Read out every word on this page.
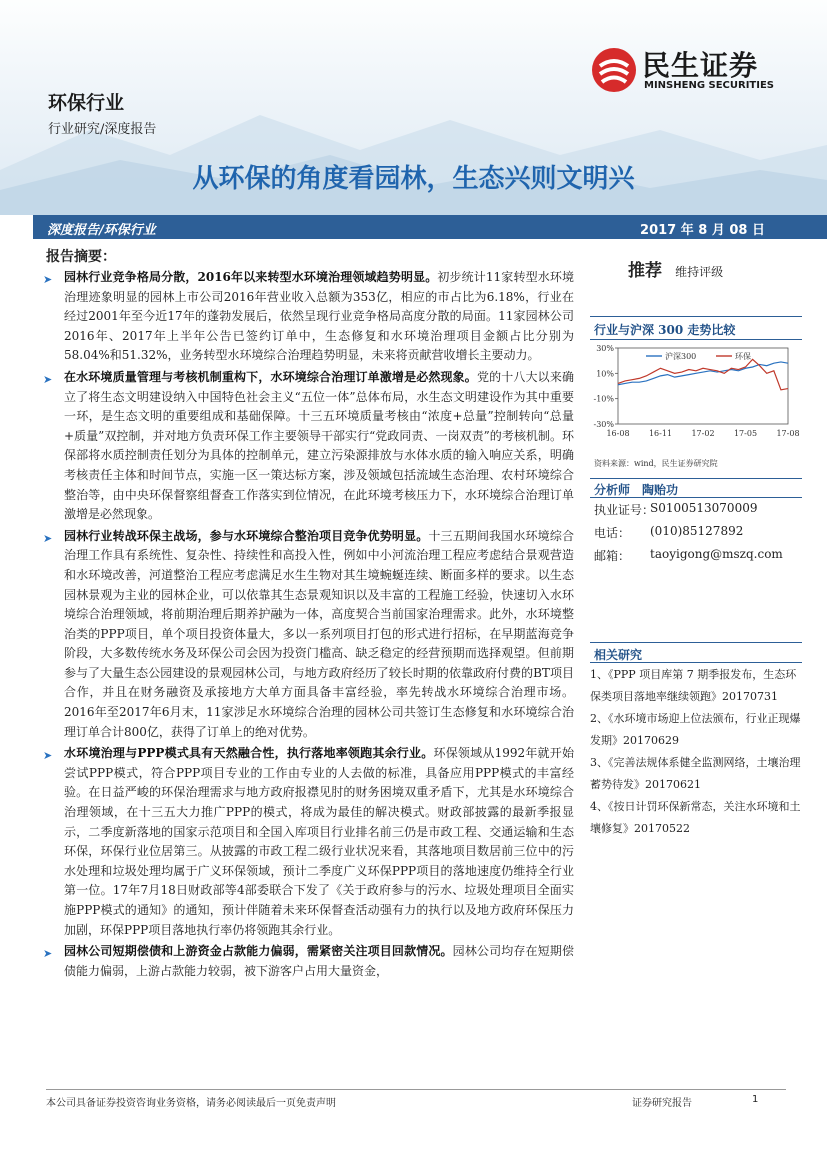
环保行业
行业研究/深度报告
民生证券
MINSHENG SECURITIES
从环保的角度看园林，生态兴则文明兴
深度报告/环保行业	2017 年 8 月 08 日
报告摘要：
➤ 园林行业竞争格局分散，2016年以来转型水环境治理领域趋势明显。初步统计11家转型水环境治理迹象明显的园林上市公司2016年营业收入总额为353亿，相应的市占比为6.18%，行业在经过2001年至今近17年的蓬勃发展后，依然呈现行业竞争格局高度分散的局面。11家园林公司2016年、2017年上半年公告已签约订单中，生态修复和水环境治理项目金额占比分别为58.04%和51.32%，业务转型水环境综合治理趋势明显，未来将贡献营收增长主要动力。
➤ 在水环境质量管理与考核机制重构下，水环境综合治理订单激增是必然现象。党的十八大以来确立了将生态文明建设纳入中国特色社会主义“五位一体”总体布局，水生态文明建设作为其中重要一环，是生态文明的重要组成和基础保障。十三五环境质量考核由“浓度+总量”控制转向“总量+质量”双控制，并对地方负责环保工作主要领导干部实行“党政同责、一岗双责”的考核机制。环保部将水质控制责任划分为具体的控制单元，建立污染源排放与水体水质的输入响应关系，明确考核责任主体和时间节点，实施一区一策达标方案，涉及领域包括流域生态治理、农村环境综合整治等，由中央环保督察组督查工作落实到位情况，在此环境考核压力下，水环境综合治理订单激增是必然现象。
➤ 园林行业转战环保主战场，参与水环境综合整治项目竞争优势明显。十三五期间我国水环境综合治理工作具有系统性、复杂性、持续性和高投入性，例如中小河流治理工程应考虑结合景观营造和水环境改善，河道整治工程应考虑满足水生生物对其生境蜿蜒连续、断面多样的要求。以生态园林景观为主业的园林企业，可以依靠其生态景观知识以及丰富的工程施工经验，快速切入水环境综合治理领域，将前期治理后期养护融为一体，高度契合当前国家治理需求。此外，水环境整治类的PPP项目，单个项目投资体量大，多以一系列项目打包的形式进行招标，在早期蓝海竞争阶段，大多数传统水务及环保公司会因为投资门槛高、缺乏稳定的经营预期而选择观望。但前期参与了大量生态公园建设的景观园林公司，与地方政府经历了较长时期的依靠政府付费的BT项目合作，并且在财务融资及承接地方大单方面具备丰富经验，率先转战水环境综合治理市场。2016年至2017年6月末，11家涉足水环境综合治理的园林公司共签订生态修复和水环境综合治理订单合计800亿，获得了订单上的绝对优势。
➤ 水环境治理与PPP模式具有天然融合性，执行落地率领跑其余行业。环保领域从1992年就开始尝试PPP模式，符合PPP项目专业的工作由专业的人去做的标准，具备应用PPP模式的丰富经验。在日益严峻的环保治理需求与地方政府报襟见肘的财务困境双重矛盾下，尤其是水环境综合治理领域，在十三五大力推广PPP的模式，将成为最佳的解决模式。财政部披露的最新季报显示，二季度新落地的国家示范项目和全国入库项目行业排名前三仍是市政工程、交通运输和生态环保，环保行业位居第三。从披露的市政工程二级行业状况来看，其落地项目数居前三位中的污水处理和垃圾处理均属于广义环保领域，预计二季度广义环保PPP项目的落地速度仍维持全行业第一位。17年7月18日财政部等4部委联合下发了《关于政府参与的污水、垃圾处理项目全面实施PPP模式的通知》的通知，预计伴随着未来环保督查活动强有力的执行以及地方政府环保压力加剧，环保PPP项目落地执行率仍将领跑其余行业。
➤ 园林公司短期偿债和上游资金占款能力偏弱，需紧密关注项目回款情况。园林公司均存在短期偿债能力偏弱，上游占款能力较弱，被下游客户占用大量资金，
推荐 维持评级
行业与沪深 300 走势比较
30%
10%
-10%
-30%
16-08 16-11 17-02 17-05 17-08
沪深300	环保
资料来源：wind，民生证券研究院
分析师　陶贻功
执业证号：
S0100513070009
电话： (010)85127892
邮箱： taoyigong@mszq.com
相关研究
1、《PPP 项目库第 7 期季报发布，生态环保类项目落地率继续领跑》20170731
2、《水环境市场迎上位法颁布，行业正现爆发期》20170629
3、《完善法规体系健全监测网络，土壤治理蓄势待发》20170621
4、《按日计罚环保新常态，关注水环境和土壤修复》20170522
本公司具备证券投资咨询业务资格，请务必阅读最后一页免责声明	证券研究报告	1
